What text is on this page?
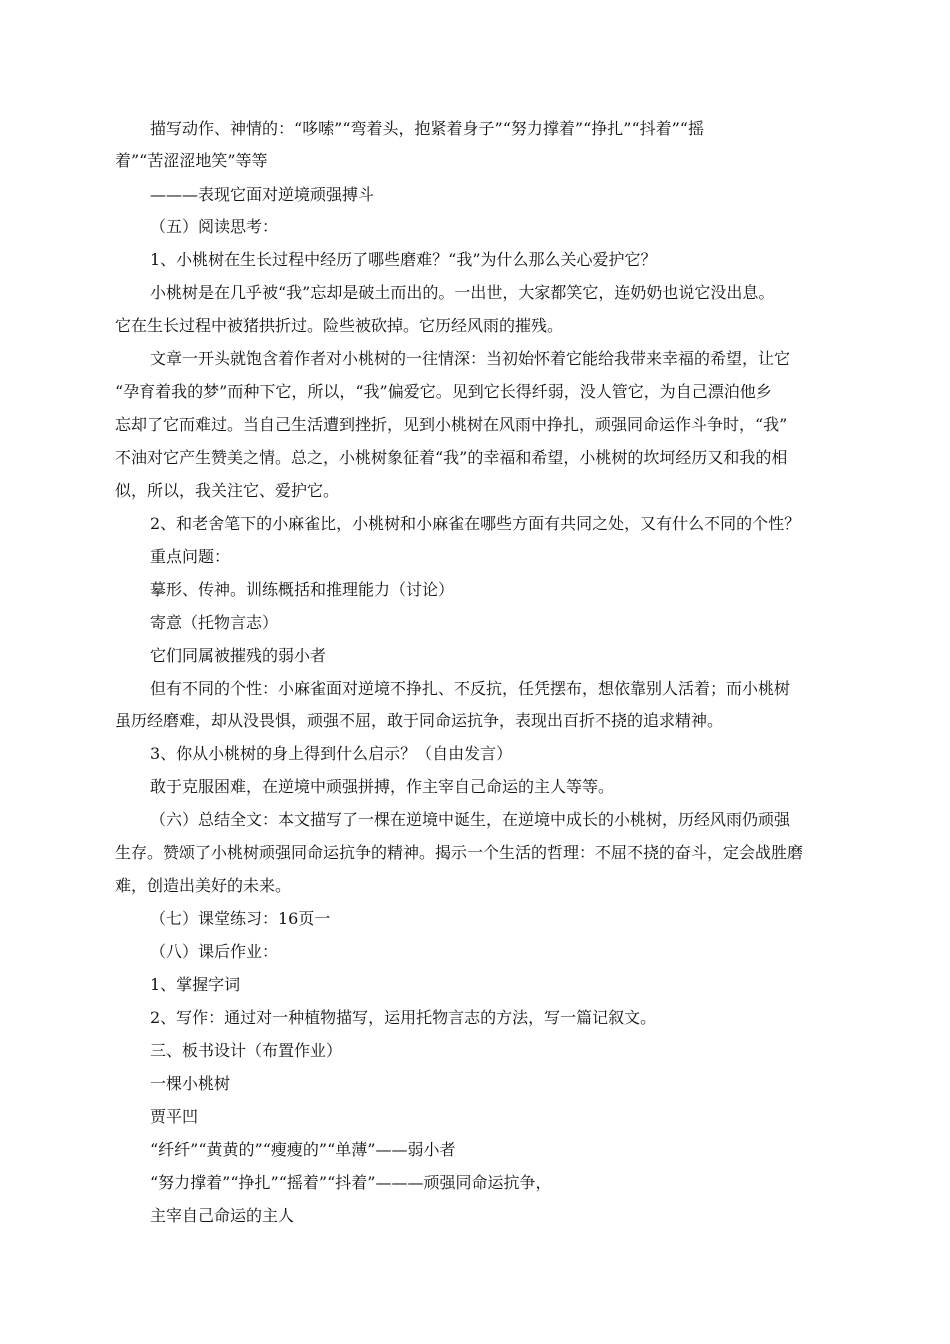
描写动作、神情的：“哆嗦”“弯着头，抱紧着身子”“努力撑着”“挣扎”“抖着”“摇
着”“苦涩涩地笑”等等
———表现它面对逆境顽强搏斗
（五）阅读思考：
1、小桃树在生长过程中经历了哪些磨难？“我”为什么那么关心爱护它？
小桃树是在几乎被“我”忘却是破土而出的。一出世，大家都笑它，连奶奶也说它没出息。
它在生长过程中被猪拱折过。险些被砍掉。它历经风雨的摧残。
文章一开头就饱含着作者对小桃树的一往情深：当初始怀着它能给我带来幸福的希望，让它
“孕育着我的梦”而种下它，所以，“我”偏爱它。见到它长得纤弱，没人管它，为自己漂泊他乡
忘却了它而难过。当自己生活遭到挫折，见到小桃树在风雨中挣扎，顽强同命运作斗争时，“我”
不油对它产生赞美之情。总之，小桃树象征着“我”的幸福和希望，小桃树的坎坷经历又和我的相
似，所以，我关注它、爱护它。
2、和老舍笔下的小麻雀比，小桃树和小麻雀在哪些方面有共同之处，又有什么不同的个性？
重点问题：
摹形、传神。训练概括和推理能力（讨论）
寄意（托物言志）
它们同属被摧残的弱小者
但有不同的个性：小麻雀面对逆境不挣扎、不反抗，任凭摆布，想依靠别人活着；而小桃树
虽历经磨难，却从没畏惧，顽强不屈，敢于同命运抗争，表现出百折不挠的追求精神。
3、你从小桃树的身上得到什么启示？（自由发言）
敢于克服困难，在逆境中顽强拼搏，作主宰自己命运的主人等等。
（六）总结全文：本文描写了一棵在逆境中诞生，在逆境中成长的小桃树，历经风雨仍顽强
生存。赞颂了小桃树顽强同命运抗争的精神。揭示一个生活的哲理：不屈不挠的奋斗，定会战胜磨
难，创造出美好的未来。
（七）课堂练习：16页一
（八）课后作业：
1、掌握字词
2、写作：通过对一种植物描写，运用托物言志的方法，写一篇记叙文。
三、板书设计（布置作业）
一棵小桃树
贾平凹
“纤纤”“黄黄的”“瘦瘦的”“单薄”——弱小者
“努力撑着”“挣扎”“摇着”“抖着”———顽强同命运抗争，
主宰自己命运的主人
